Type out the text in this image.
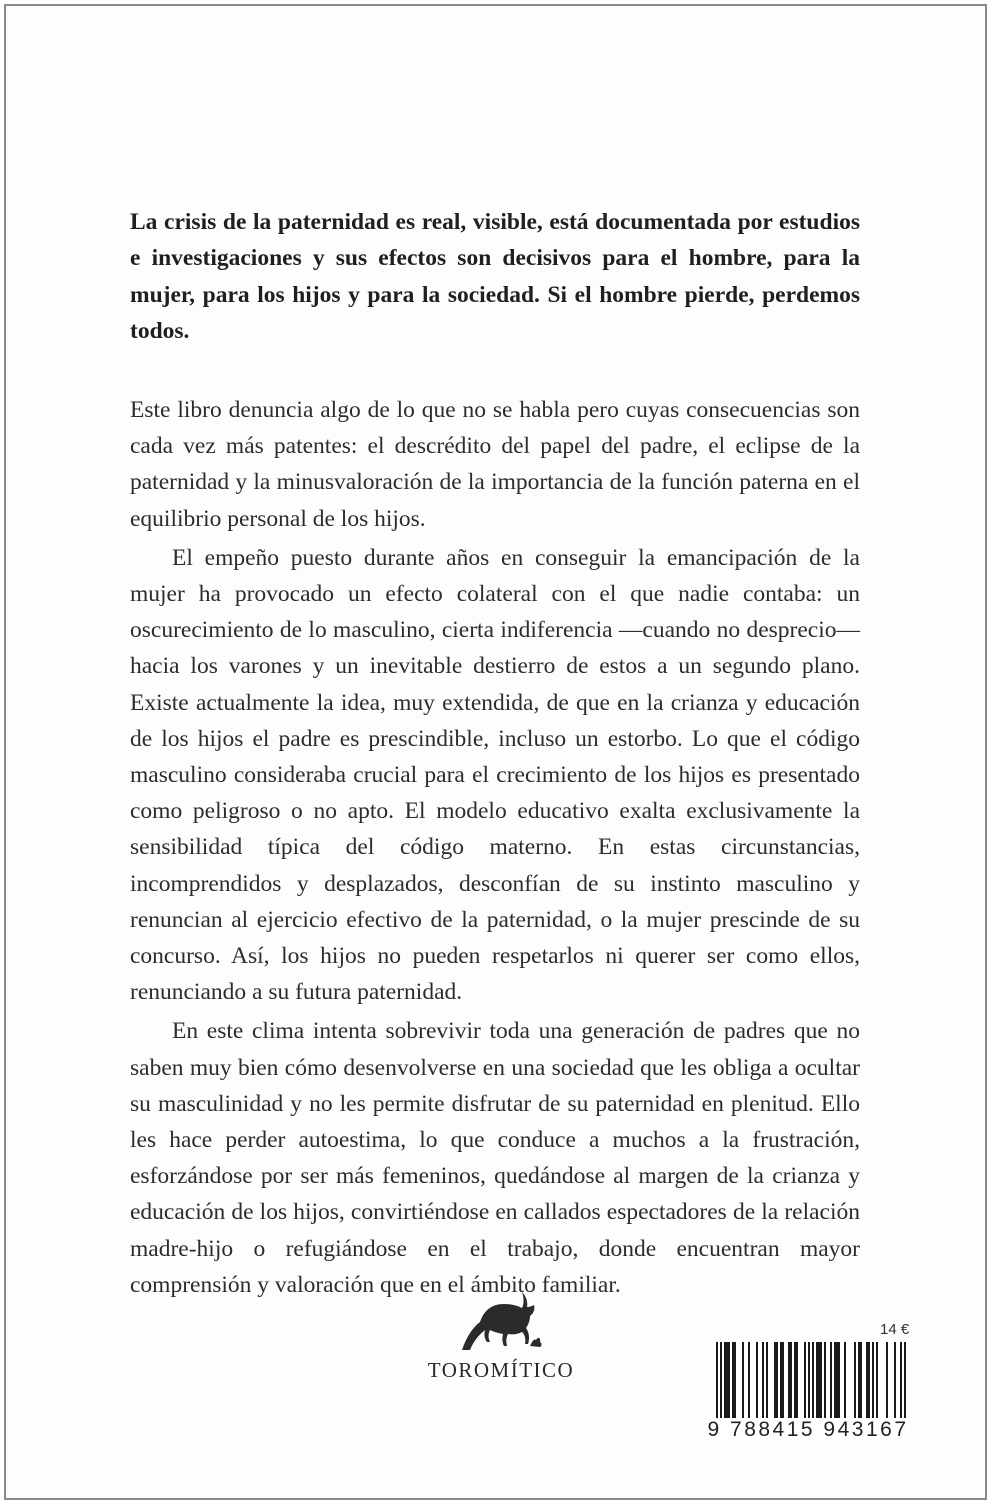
La crisis de la paternidad es real, visible, está documentada por estudios e investigaciones y sus efectos son decisivos para el hombre, para la mujer, para los hijos y para la sociedad. Si el hombre pierde, perdemos todos.

Este libro denuncia algo de lo que no se habla pero cuyas consecuencias son cada vez más patentes: el descrédito del papel del padre, el eclipse de la paternidad y la minusvaloración de la importancia de la función paterna en el equilibrio personal de los hijos.

El empeño puesto durante años en conseguir la emancipación de la mujer ha provocado un efecto colateral con el que nadie contaba: un oscurecimiento de lo masculino, cierta indiferencia —cuando no desprecio— hacia los varones y un inevitable destierro de estos a un segundo plano. Existe actualmente la idea, muy extendida, de que en la crianza y educación de los hijos el padre es prescindible, incluso un estorbo. Lo que el código masculino consideraba crucial para el crecimiento de los hijos es presentado como peligroso o no apto. El modelo educativo exalta exclusivamente la sensibilidad típica del código materno. En estas circunstancias, incomprendidos y desplazados, desconfían de su instinto masculino y renuncian al ejercicio efectivo de la paternidad, o la mujer prescinde de su concurso. Así, los hijos no pueden respetarlos ni querer ser como ellos, renunciando a su futura paternidad.

En este clima intenta sobrevivir toda una generación de padres que no saben muy bien cómo desenvolverse en una sociedad que les obliga a ocultar su masculinidad y no les permite disfrutar de su paternidad en plenitud. Ello les hace perder autoestima, lo que conduce a muchos a la frustración, esforzándose por ser más femeninos, quedándose al margen de la crianza y educación de los hijos, convirtiéndose en callados espectadores de la relación madre-hijo o refugiándose en el trabajo, donde encuentran mayor comprensión y valoración que en el ámbito familiar.

TOROMÍTICO
14 €
9 788415 943167
